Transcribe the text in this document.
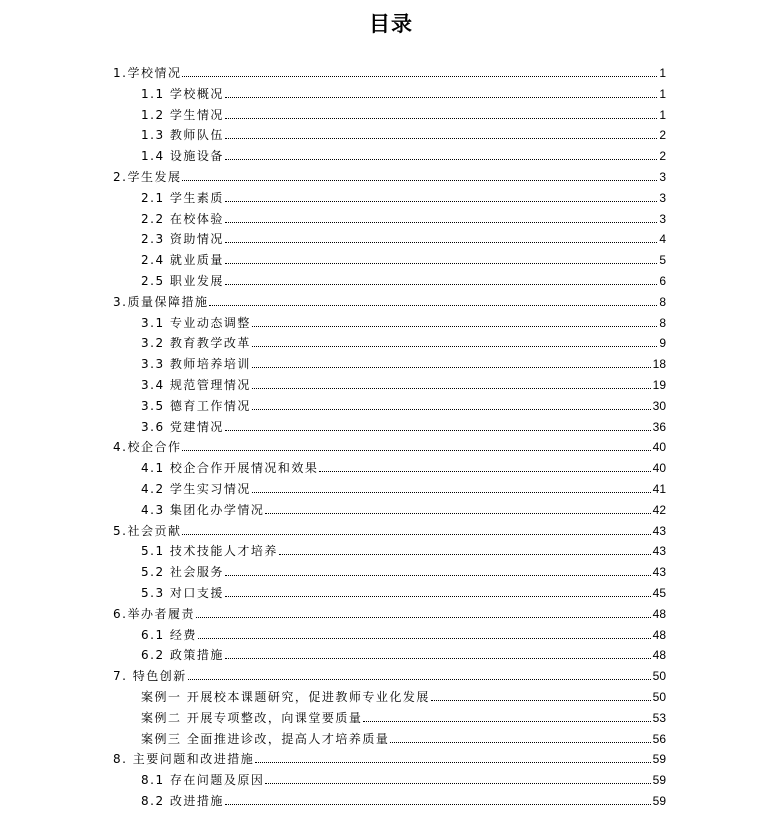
目录
1.学校情况	1
1.1 学校概况	1
1.2 学生情况	1
1.3 教师队伍	2
1.4 设施设备	2
2.学生发展	3
2.1 学生素质	3
2.2 在校体验	3
2.3 资助情况	4
2.4 就业质量	5
2.5 职业发展	6
3.质量保障措施	8
3.1 专业动态调整	8
3.2 教育教学改革	9
3.3 教师培养培训	18
3.4 规范管理情况	19
3.5 德育工作情况	30
3.6 党建情况	36
4.校企合作	40
4.1 校企合作开展情况和效果	40
4.2 学生实习情况	41
4.3 集团化办学情况	42
5.社会贡献	43
5.1 技术技能人才培养	43
5.2 社会服务	43
5.3 对口支援	45
6.举办者履责	48
6.1 经费	48
6.2 政策措施	48
7. 特色创新	50
案例一 开展校本课题研究，促进教师专业化发展	50
案例二 开展专项整改，向课堂要质量	53
案例三 全面推进诊改，提高人才培养质量	56
8. 主要问题和改进措施	59
8.1 存在问题及原因	59
8.2 改进措施	59
